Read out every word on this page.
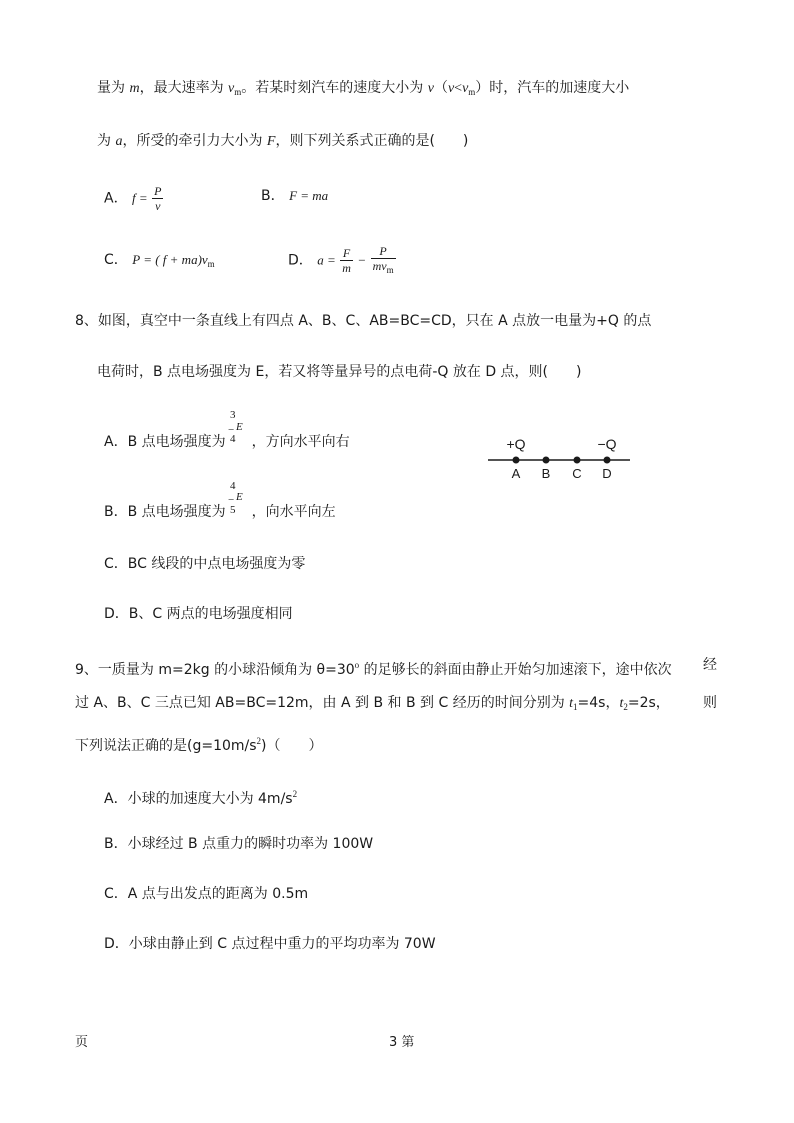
量为 m，最大速率为 $v_m$。若某时刻汽车的速度大小为 $v(v<v_m)$时，汽车的加速度大小
为 a，所受的牵引力大小为 F，则下列关系式正确的是(　　)
A． $f = \frac{P}{v}$	B． F = ma
C． P = ( $f + ma)v_m$	D． $a = \frac{F}{m} - \frac{P}{mv_m}$
8、如图，真空中一条直线上有四点 A、B、C、AB=BC=CD，只在 A 点放一电量为+Q 的点
电荷时，B 点电场强度为 E，若又将等量异号的点电荷-Q 放在 D 点，则(　　)
A．B 点电场强度为 ，方向水平向右
3
− E
4
B．B 点电场强度为 ，向水平向左
4
− E
5
C．BC 线段的中点电场强度为零
D．B、C 两点的电场强度相同
+Q	−Q
A B C D
9、一质量为 m=2kg 的小球沿倾角为 $\theta=30^o$ 的足够长的斜面由静止开始匀加速滚下，途中依次 经
过 A、B、C 三点已知 AB=BC=12m，由 A 到 B 和 B 到 C 经历的时间分别为 $t_1=4s$，$t_2=2s$， 则
下列说法正确的是$(g=10m/s^2)$（　　）
A．小球的加速度大小为 $4m/s^2$
B．小球经过 B 点重力的瞬时功率为 100W
C．A 点与出发点的距离为 0.5m
D．小球由静止到 C 点过程中重力的平均功率为 70W
页	3 第
